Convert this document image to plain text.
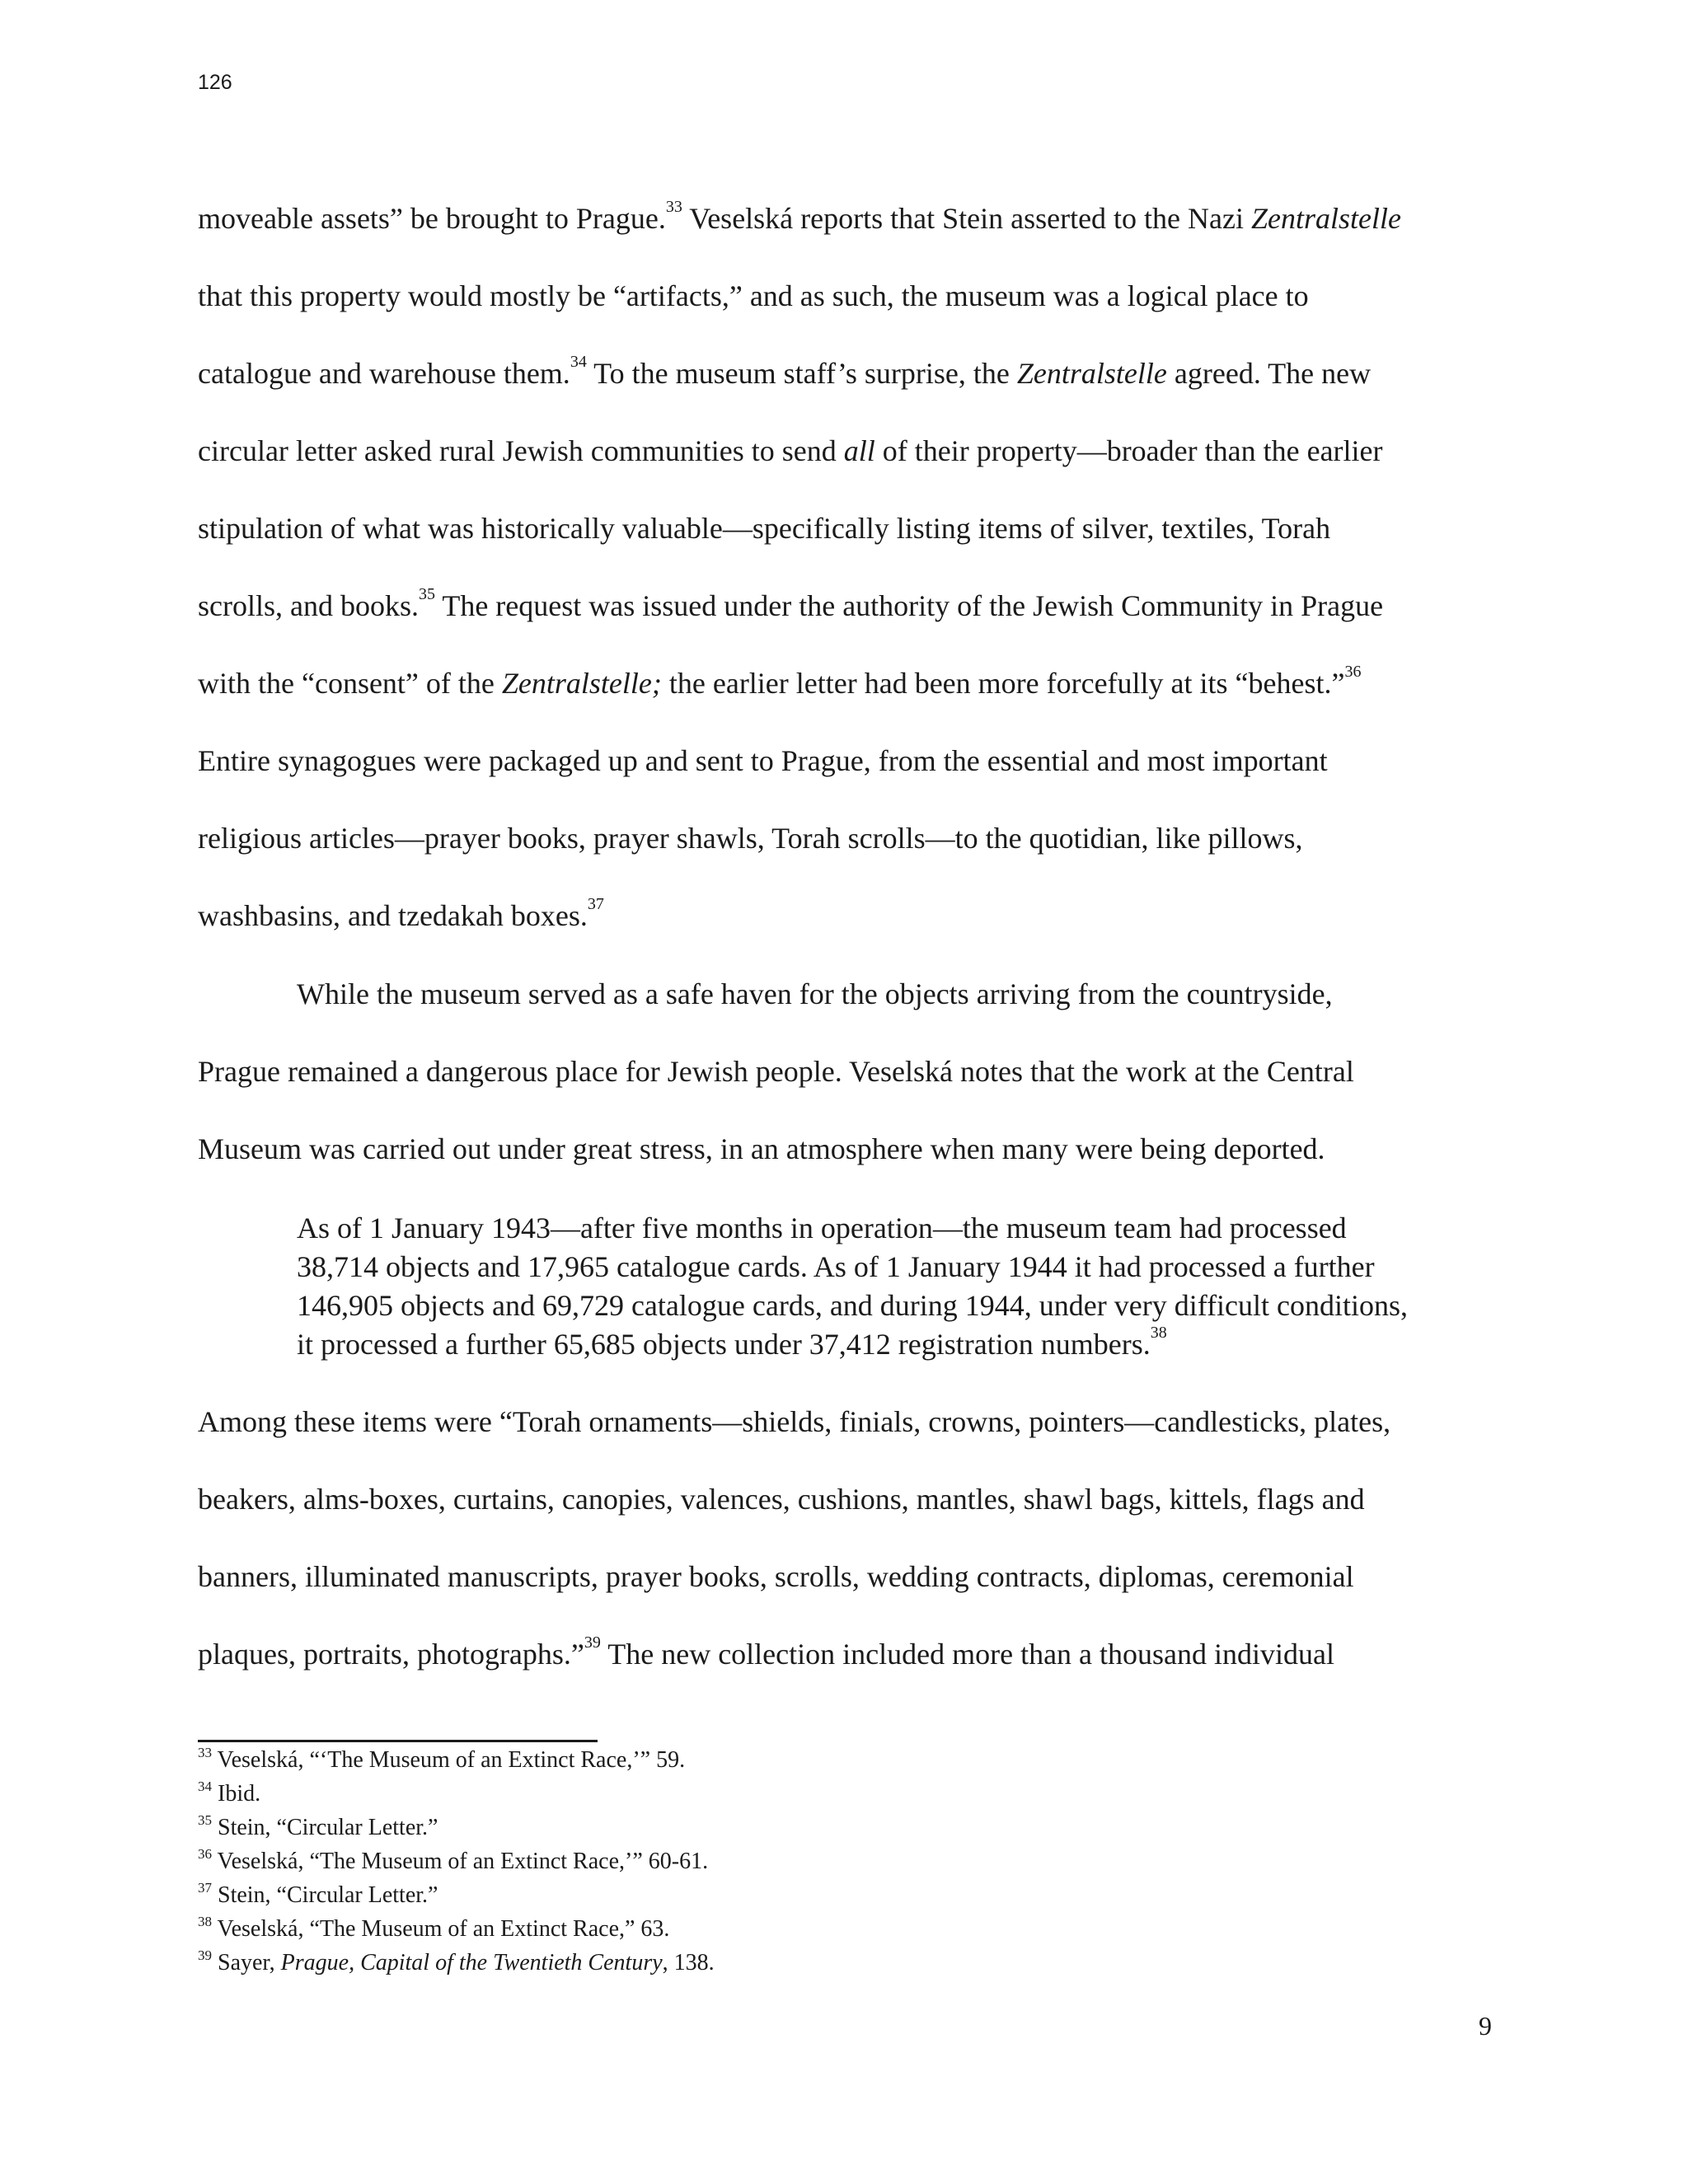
126
moveable assets” be brought to Prague.$^{33}$ Veselská reports that Stein asserted to the Nazi Zentralstelle
that this property would mostly be “artifacts,” and as such, the museum was a logical place to
catalogue and warehouse them.$^{34}$ To the museum staff’s surprise, the Zentralstelle agreed. The new
circular letter asked rural Jewish communities to send all of their property—broader than the earlier
stipulation of what was historically valuable—specifically listing items of silver, textiles, Torah
scrolls, and books.$^{35}$ The request was issued under the authority of the Jewish Community in Prague
with the “consent” of the Zentralstelle; the earlier letter had been more forcefully at its “behest.”$^{36}$
Entire synagogues were packaged up and sent to Prague, from the essential and most important
religious articles—prayer books, prayer shawls, Torah scrolls—to the quotidian, like pillows,
washbasins, and tzedakah boxes.$^{37}$
While the museum served as a safe haven for the objects arriving from the countryside,
Prague remained a dangerous place for Jewish people. Veselská notes that the work at the Central
Museum was carried out under great stress, in an atmosphere when many were being deported.
As of 1 January 1943—after five months in operation—the museum team had processed
38,714 objects and 17,965 catalogue cards. As of 1 January 1944 it had processed a further
146,905 objects and 69,729 catalogue cards, and during 1944, under very difficult conditions,
it processed a further 65,685 objects under 37,412 registration numbers.$^{38}$
Among these items were “Torah ornaments—shields, finials, crowns, pointers—candlesticks, plates,
beakers, alms-boxes, curtains, canopies, valences, cushions, mantles, shawl bags, kittels, flags and
banners, illuminated manuscripts, prayer books, scrolls, wedding contracts, diplomas, ceremonial
plaques, portraits, photographs.”$^{39}$ The new collection included more than a thousand individual
$^{33}$ Veselská, “‘The Museum of an Extinct Race,’” 59.
$^{34}$ Ibid.
$^{35}$ Stein, “Circular Letter.”
$^{36}$ Veselská, “The Museum of an Extinct Race,’” 60-61.
$^{37}$ Stein, “Circular Letter.”
$^{38}$ Veselská, “The Museum of an Extinct Race,” 63.
$^{39}$ Sayer, Prague, Capital of the Twentieth Century, 138.
9
